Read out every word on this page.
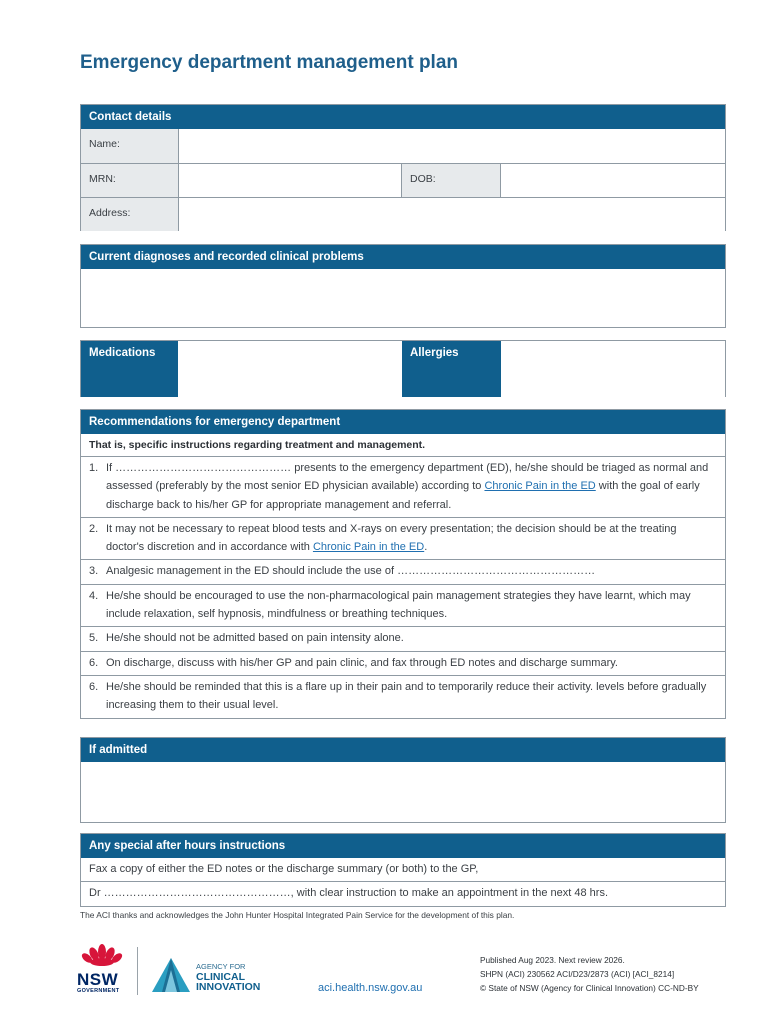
Emergency department management plan
Contact details
Name:
MRN:	DOB:
Address:
Current diagnoses and recorded clinical problems
Medications	Allergies
Recommendations for emergency department
That is, specific instructions regarding treatment and management.
1. If ………………………………………… presents to the emergency department (ED), he/she should be triaged as normal and assessed (preferably by the most senior ED physician available) according to Chronic Pain in the ED with the goal of early discharge back to his/her GP for appropriate management and referral.
2. It may not be necessary to repeat blood tests and X-rays on every presentation; the decision should be at the treating doctor's discretion and in accordance with Chronic Pain in the ED.
3. Analgesic management in the ED should include the use of ………………………………………………
4. He/she should be encouraged to use the non-pharmacological pain management strategies they have learnt, which may include relaxation, self hypnosis, mindfulness or breathing techniques.
5. He/she should not be admitted based on pain intensity alone.
6. On discharge, discuss with his/her GP and pain clinic, and fax through ED notes and discharge summary.
6. He/she should be reminded that this is a flare up in their pain and to temporarily reduce their activity. levels before gradually increasing them to their usual level.
If admitted
Any special after hours instructions
Fax a copy of either the ED notes or the discharge summary (or both) to the GP,
Dr ……………………………………………, with clear instruction to make an appointment in the next 48 hrs.
The ACI thanks and acknowledges the John Hunter Hospital Integrated Pain Service for the development of this plan.
NSW
GOVERNMENT
AGENCY FOR
CLINICAL
INNOVATION	aci.health.nsw.gov.au
Published Aug 2023. Next review 2026.
SHPN (ACI) 230562 ACI/D23/2873 (ACI) [ACI_8214]
© State of NSW (Agency for Clinical Innovation) CC-ND-BY
